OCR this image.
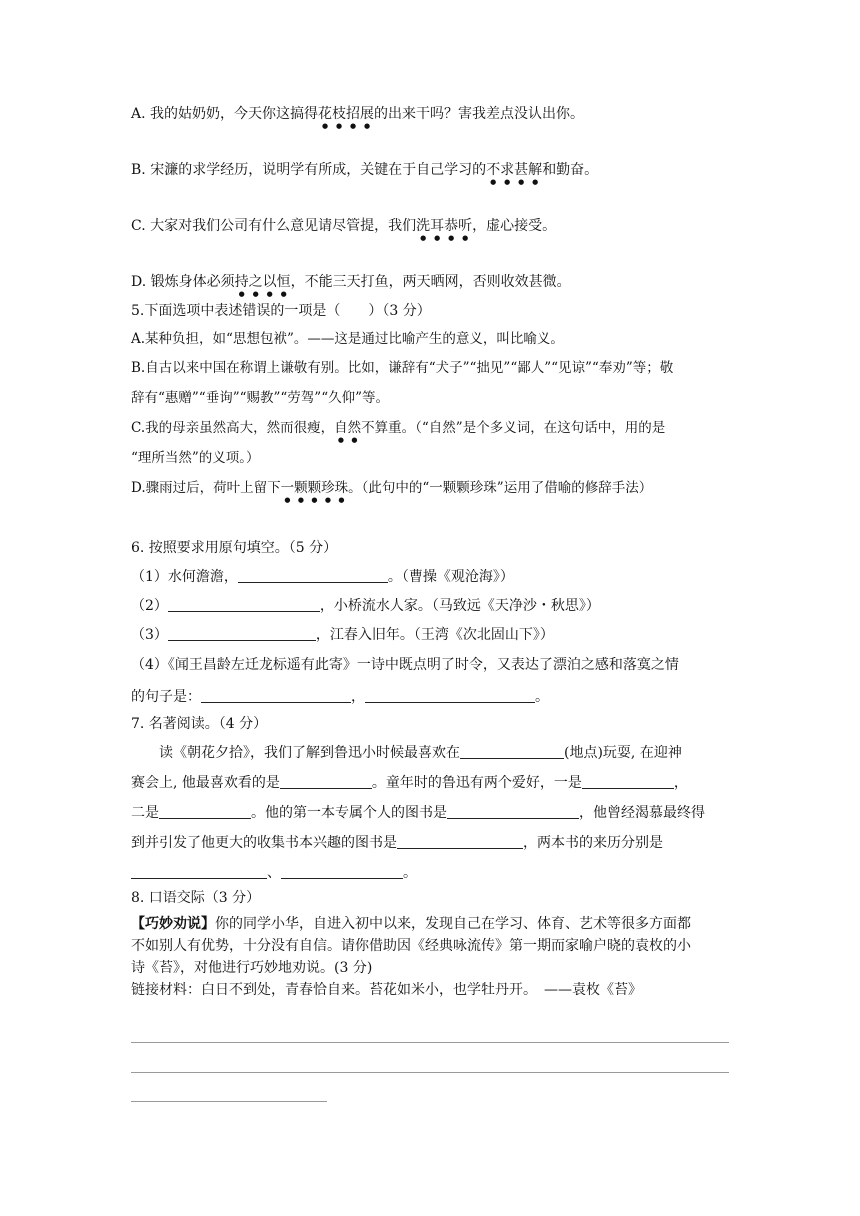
A. 我的姑奶奶，今天你这搞得花枝招展的出来干吗？害我差点没认出你。
B. 宋濂的求学经历，说明学有所成，关键在于自己学习的不求甚解和勤奋。
C. 大家对我们公司有什么意见请尽管提，我们洗耳恭听，虚心接受。
D. 锻炼身体必须持之以恒，不能三天打鱼，两天晒网，否则收效甚微。
5.下面选项中表述错误的一项是（　　）（3 分）
A.某种负担，如“思想包袱”。——这是通过比喻产生的意义，叫比喻义。
B.自古以来中国在称谓上谦敬有别。比如，谦辞有“犬子”“拙见”“鄙人”“见谅”“奉劝”等；敬
辞有“惠赠”“垂询”“赐教”“劳驾”“久仰”等。
C.我的母亲虽然高大，然而很瘦，自然不算重。（“自然”是个多义词，在这句话中，用的是
“理所当然”的义项。）
D.骤雨过后，荷叶上留下一颗颗珍珠。（此句中的“一颗颗珍珠”运用了借喻的修辞手法）
6. 按照要求用原句填空。（5 分）
（1）水何澹澹，	。（曹操《观沧海》）
（2）	，小桥流水人家。（马致远《天净沙・秋思》）
（3）	，江春入旧年。（王湾《次北固山下》）
（4）《闻王昌龄左迁龙标遥有此寄》一诗中既点明了时令，又表达了漂泊之感和落寞之情
的句子是：	，	。
7. 名著阅读。（4 分）
读《朝花夕拾》，我们了解到鲁迅小时候最喜欢在	(地点)玩耍, 在迎神
赛会上, 他最喜欢看的是	。童年时的鲁迅有两个爱好，一是	，
二是	。他的第一本专属个人的图书是	，他曾经渴慕最终得
到并引发了他更大的收集书本兴趣的图书是	，两本书的来历分别是
、	。
8. 口语交际（3 分）
【巧妙劝说】你的同学小华，自进入初中以来，发现自己在学习、体育、艺术等很多方面都
不如别人有优势，十分没有自信。请你借助因《经典咏流传》第一期而家喻户晓的袁枚的小
诗《苔》，对他进行巧妙地劝说。(3 分)
链接材料：白日不到处，青春恰自来。苔花如米小，也学牡丹开。　——袁枚《苔》
